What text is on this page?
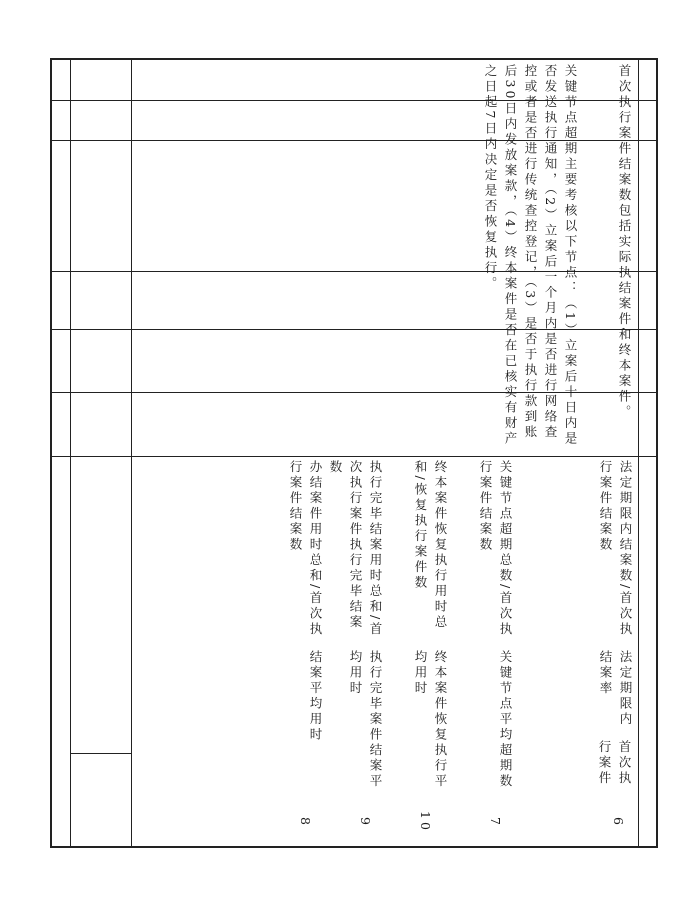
6
首次执行案件
法定期限内结案率
法定期限内结案数/首次执行案件结案数
首次执行案件结案数包括实际执结案件和终本案件。
7
关键节点平均超期数
关键节点超期总数/首次执行案件结案数
关键节点超期主要考核以下节点：（1）立案后十日内是否发送执行通知，（2）立案后一个月内是否进行网络查控或者是否进行传统查控登记，（3）是否于执行款到账后30日内发放案款，（4）终本案件是否在已核实有财产之日起7日内决定是否恢复执行。
8
结案平均用时
办结案件用时总和/首次执行案件结案数
9
执行完毕案件结案平均用时
执行完毕结案用时总和/首次执行案件执行完毕结案数
10
终本案件恢复执行平均用时
终本案件恢复执行用时总和/恢复执行案件数
